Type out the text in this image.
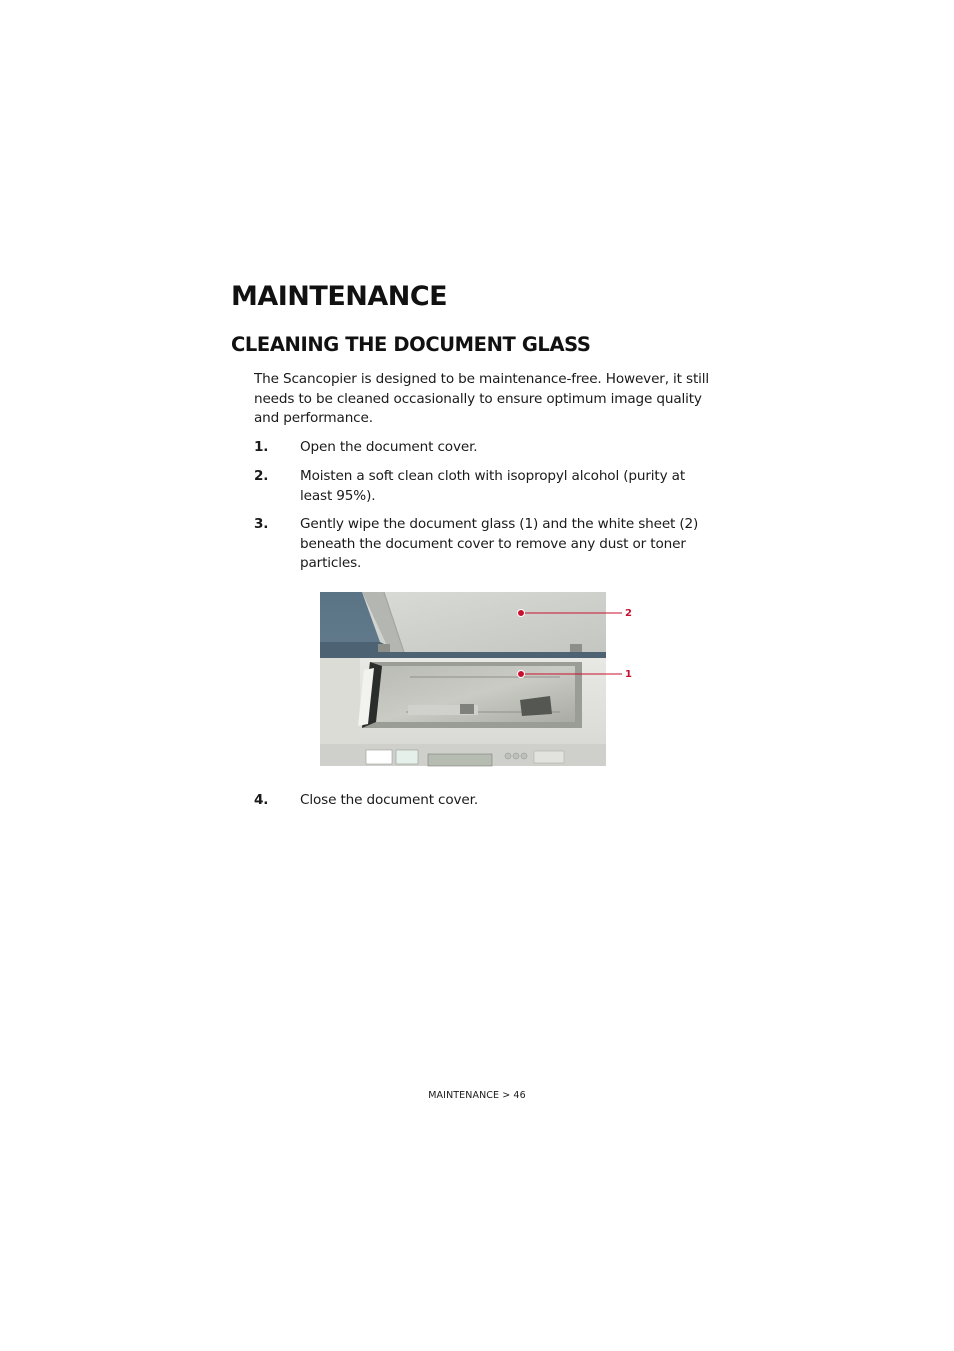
MAINTENANCE
CLEANING THE DOCUMENT GLASS

The Scancopier is designed to be maintenance-free. However, it still needs to be cleaned occasionally to ensure optimum image quality and performance.

1. Open the document cover.
2. Moisten a soft clean cloth with isopropyl alcohol (purity at least 95%).
3. Gently wipe the document glass (1) and the white sheet (2) beneath the document cover to remove any dust or toner particles.
2
1
4. Close the document cover.
MAINTENANCE > 46
